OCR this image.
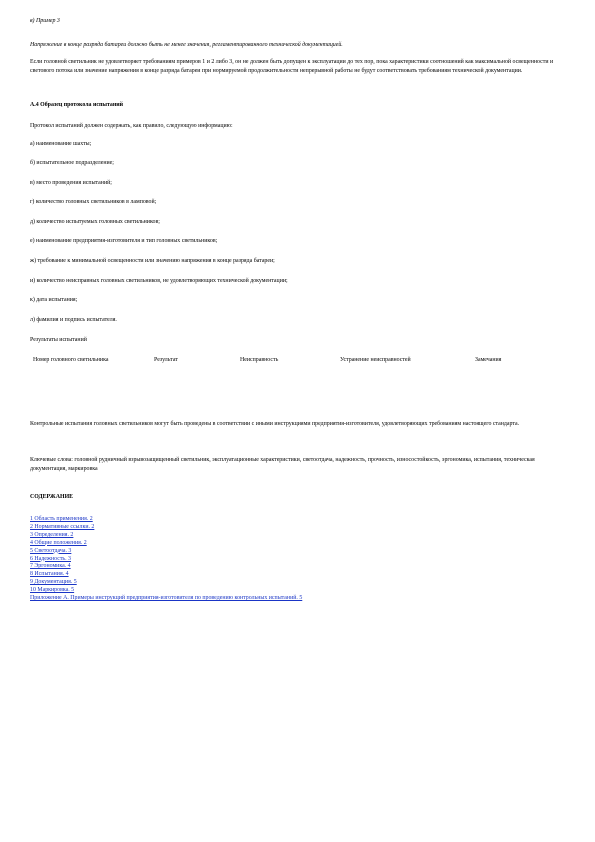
в) Пример 3
Напряжение в конце разряда батареи должно быть не менее значения, регламентированного технической документацией.
Если головной светильник не удовлетворяет требованиям примеров 1 и 2 либо 3, он не должен быть допущен к эксплуатации до тех пор, пока характеристики соотношений как максимальной освещенности и светового потока или значение напряжения в конце разряда батареи при нормируемой продолжительности непрерывной работы не будут соответствовать требованиям технической документации.
А.4 Образец протокола испытаний
Протокол испытаний должен содержать, как правило, следующую информацию:
а) наименование шахты;
б) испытательное подразделение;
в) место проведения испытаний;
г) количество головных светильников в ламповой;
д) количество испытуемых головных светильников;
е) наименование предприятия-изготовителя и тип головных светильников;
ж) требование к минимальной освещенности или значению напряжения в конце разряда батареи;
и) количество неисправных головных светильников, не удовлетворяющих технической документации;
к) дата испытания;
л) фамилия и подпись испытателя.
Результаты испытаний
Номер головного светильника	Результат	Неисправность	Устранение неисправностей	Замечания
Контрольные испытания головных светильников могут быть проведены в соответствии с иными инструкциями предприятия-изготовителя, удовлетворяющих требованиям настоящего стандарта.
Ключевые слова: головной рудничный взрывозащищенный светильник, эксплуатационные характеристики, светоотдача, надежность, прочность, износостойкость, эргономика, испытания, техническая документация, маркировка
СОДЕРЖАНИЕ
1 Область применения. 2
2 Нормативные ссылки. 2
3 Определения. 2
4 Общие положения. 2
5 Светоотдача. 3
6 Надежность. 3
7 Эргономика. 4
8 Испытания. 4
9 Документация. 5
10 Маркировка. 5
Приложение А. Примеры инструкций предприятия-изготовителя по проведению контрольных испытаний. 5
